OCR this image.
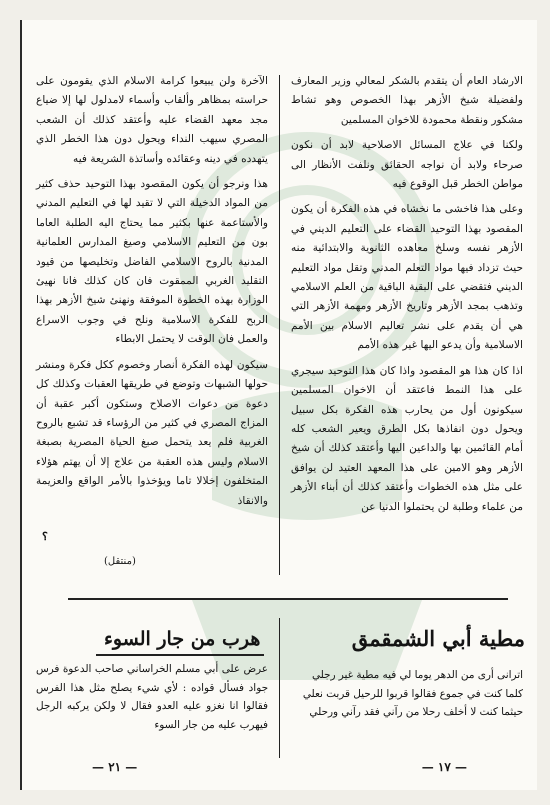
الارشاد العام أن يتقدم بالشكر لمعالي وزير المعارف ولفضيلة شيخ الأزهر بهذا الخصوص وهو تشاط مشكور ونقطة محمودة للاخوان المسلمين

ولكنا في علاج المسائل الاصلاحية لابد أن نكون صرحاء ولابد أن نواجه الحقائق ونلفت الأنظار الى مواطن الخطر قبل الوقوع فيه

وعلى هذا فاخشى ما نخشاه في هذه الفكرة أن يكون المقصود بهذا التوحيد القضاء على التعليم الديني في الأزهر نفسه وسلخ معاهده الثانوية والابتدائية منه حيث تزداد فيها مواد التعلم المدني وتقل مواد التعليم الديني فتقضي على البقية الباقية من العلم الاسلامي وتذهب بمجد الأزهر وتاريخ الأزهر ومهمة الأزهر التي هي أن يقدم على نشر تعاليم الاسلام بين الأمم الاسلامية وأن يدعو اليها غير هذه الأمم

اذا كان هذا هو المقصود واذا كان هذا التوحيد سيجري على هذا النمط فاعتقد أن الاخوان المسلمين سيكونون أول من يحارب هذه الفكرة بكل سبيل ويحول دون انفاذها بكل الطرق ويعير الشعب كله أمام القائمين بها والداعين اليها وأعتقد كذلك أن شيخ الأزهر وهو الامين على هذا المعهد العتيد لن يوافق على مثل هذه الخطوات وأعتقد كذلك أن أبناء الأزهر من علماء وطلبة لن يحتملوا الدنيا عن

الآخرة ولن يبيعوا كرامة الاسلام الذي يقومون على حراسته بمظاهر وألقاب وأسماء لامدلول لها إلا ضياع مجد معهد القضاء عليه وأعتقد كذلك أن الشعب المصري سيهب النداء ويحول دون هذا الخطر الذي يتهدده في دينه وعقائده وأساتذة الشريعة فيه

هذا ونرجو أن يكون المقصود بهذا التوحيد حذف كثير من المواد الدخيلة التي لا تقيد لها في التعليم المدني والأستاعمة عنها بكثير مما يحتاج اليه الطلبة العاما بون من التعليم الاسلامي وصيغ المدارس العلمانية المدنية بالروح الاسلامي الفاضل وتخليصها من قيود التقليد الغربي الممقوت فان كان كذلك فانا نهيئ الوزارة بهذه الخطوة الموفقة ونهنئ شيخ الأزهر بهذا الربح للفكرة الاسلامية ونلح في وجوب الاسراع والعمل فان الوقت لا يحتمل الابطاء

سيكون لهذه الفكرة أنصار وخصوم ككل فكرة ومنشر حولها الشبهات وتوضع في طريقها العقبات وكذلك كل دعوة من دعوات الاصلاح وستكون أكبر عقبة أن المزاج المصري في كثير من الرؤساء قد تشبع بالروح الغربية فلم يعد يتحمل صبغ الحياة المصرية بصبغة الاسلام وليس هذه العقبة من علاج إلا أن يهتم هؤلاء المتخلفون إخلالا تاما ويؤخذوا بالأمر الواقع والعزيمة والانقاذ

؟
(منتقل)
مطية أبي الشمقمق
هرب من جار السوء
اترانى أرى من الدهر يوما لي فيه مطية غير رجلي
كلما كنت في جموع فقالوا قربوا للرحيل قربت نعلي
حيثما كنت لا أخلف رحلا من رآني فقد رآني ورحلي
عرض على أبي مسلم الخراساني صاحب الدعوة فرس جواد فسأل قواده : لأي شيء يصلح مثل هذا الفرس فقالوا انا نغزو عليه العدو فقال لا ولكن يركبه الرجل فيهرب عليه من جار السوء
— ١٧ —
— ٢١ —
